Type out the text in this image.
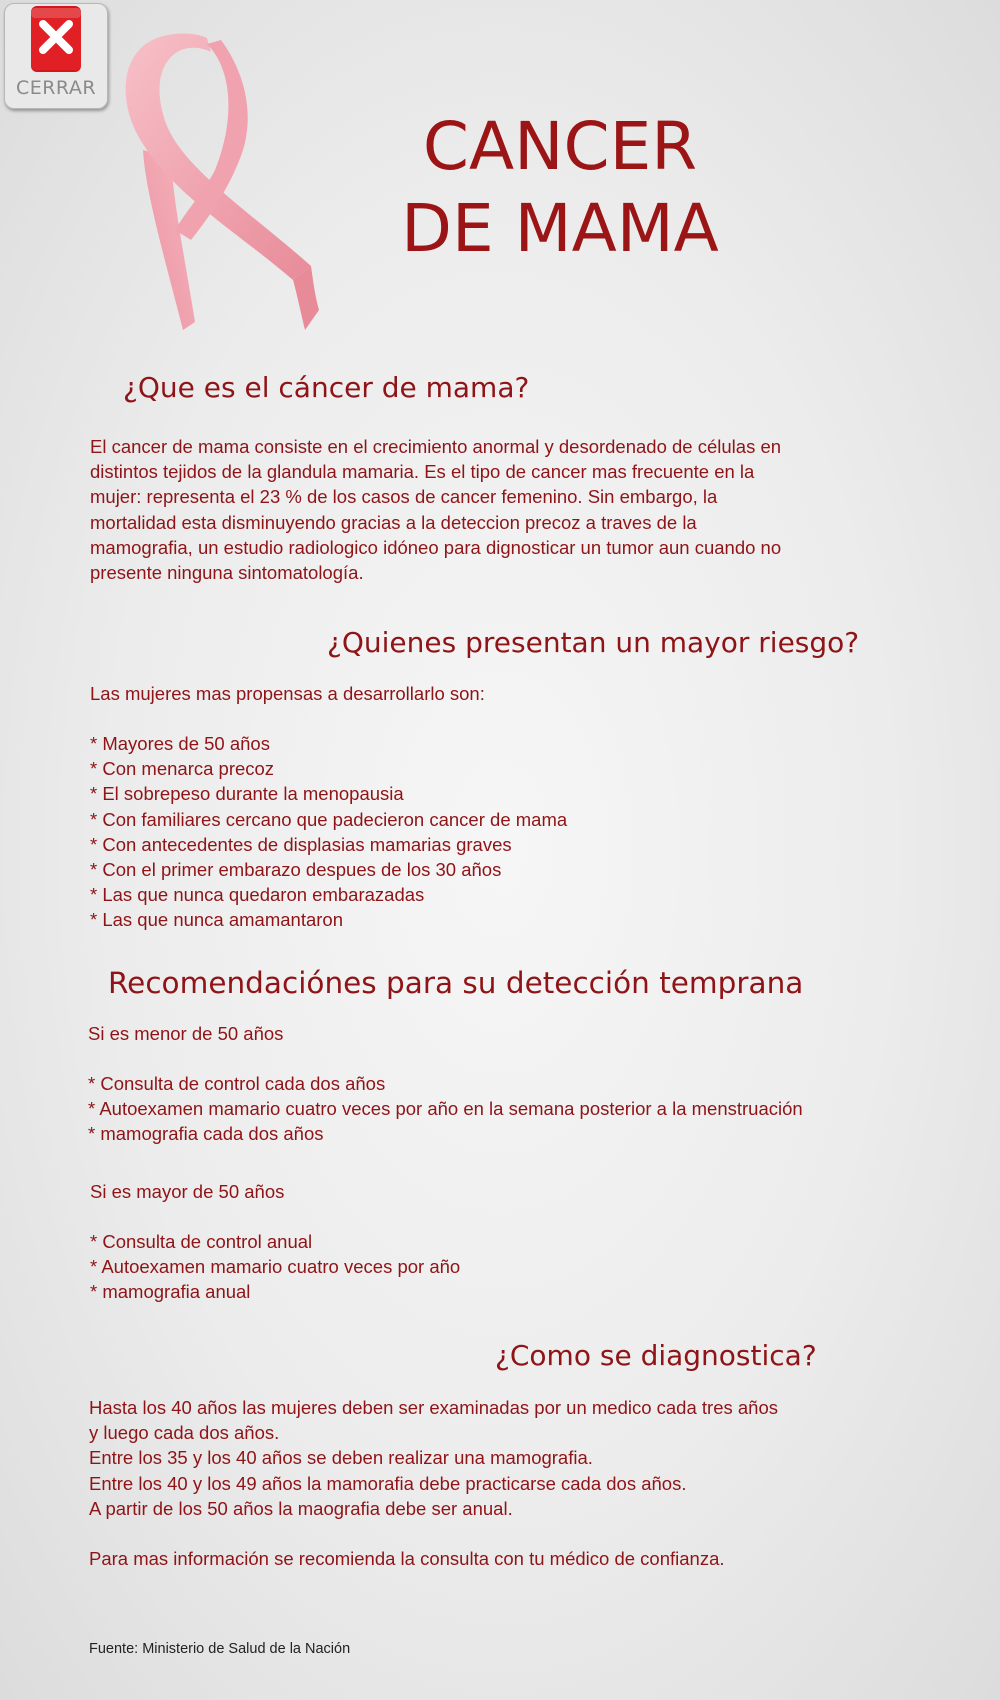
CERRAR
CANCER
DE MAMA
¿Que es el cáncer de mama?
El cancer de mama consiste en el crecimiento anormal y desordenado de células en
distintos tejidos de la glandula mamaria. Es el tipo de cancer mas frecuente en la
mujer: representa el 23 % de los casos de cancer femenino. Sin embargo, la
mortalidad esta disminuyendo gracias a la deteccion precoz a traves de la
mamografia, un estudio radiologico idóneo para dignosticar un tumor aun cuando no
presente ninguna sintomatología.
¿Quienes presentan un mayor riesgo?
Las mujeres mas propensas a desarrollarlo son:
* Mayores de 50 años
* Con menarca precoz
* El sobrepeso durante la menopausia
* Con familiares cercano que padecieron cancer de mama
* Con antecedentes de displasias mamarias graves
* Con el primer embarazo despues de los 30 años
* Las que nunca quedaron embarazadas
* Las que nunca amamantaron
Recomendaciónes para su detección temprana
Si es menor de 50 años
* Consulta de control cada dos años
* Autoexamen mamario cuatro veces por año en la semana posterior a la menstruación
* mamografia cada dos años
Si es mayor de 50 años
* Consulta de control anual
* Autoexamen mamario cuatro veces por año
* mamografia anual
¿Como se diagnostica?
Hasta los 40 años las mujeres deben ser examinadas por un medico cada tres años
y luego cada dos años.
Entre los 35 y los 40 años se deben realizar una mamografia.
Entre los 40 y los 49 años la mamorafia debe practicarse cada dos años.
A partir de los 50 años la maografia debe ser anual.
Para mas información se recomienda la consulta con tu médico de confianza.
Fuente: Ministerio de Salud de la Nación
